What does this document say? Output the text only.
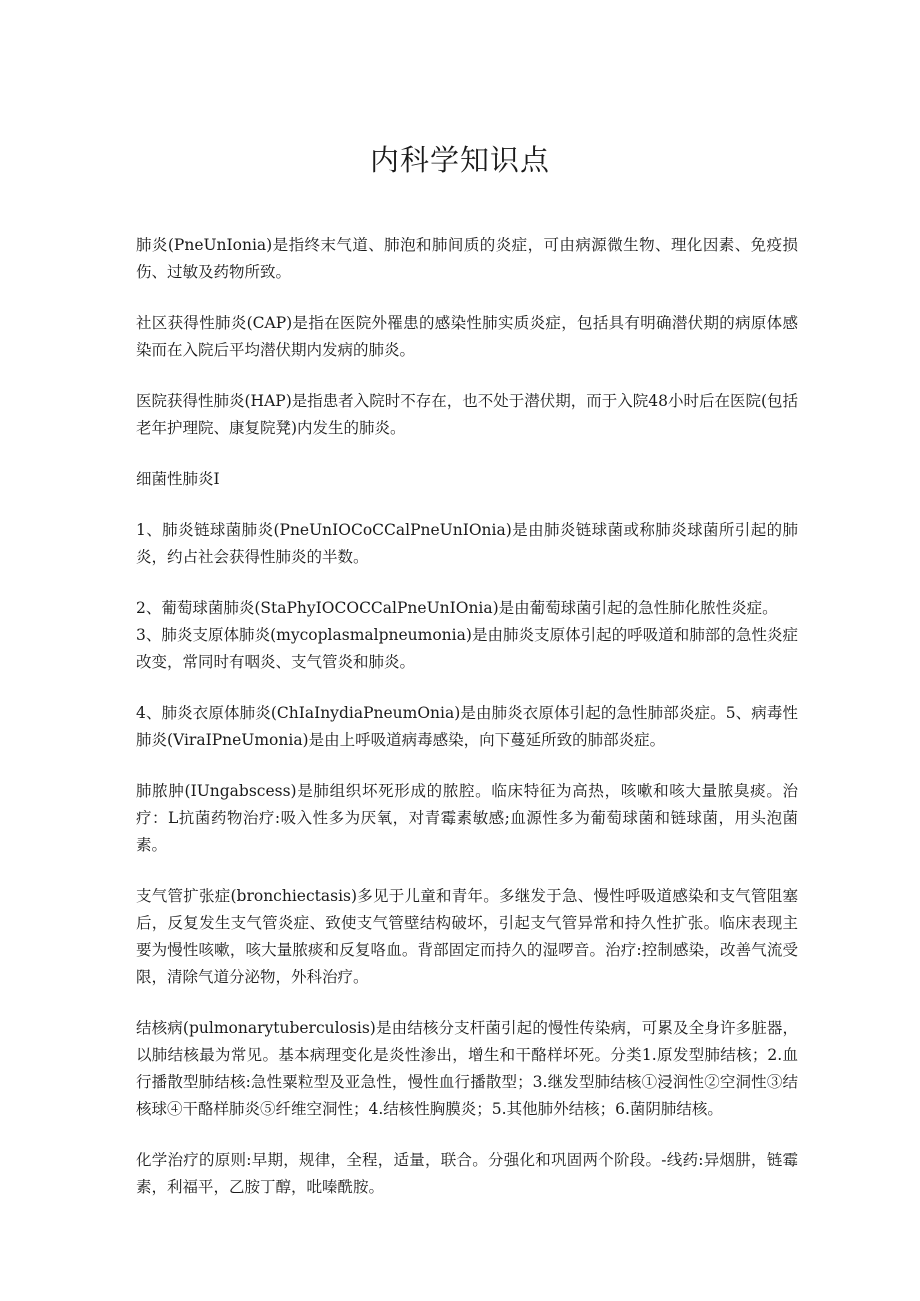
内科学知识点

肺炎(PneUnIonia)是指终末气道、肺泡和肺间质的炎症，可由病源微生物、理化因素、免疫损伤、过敏及药物所致。

社区获得性肺炎(CAP)是指在医院外罹患的感染性肺实质炎症，包括具有明确潜伏期的病原体感染而在入院后平均潜伏期内发病的肺炎。

医院获得性肺炎(HAP)是指患者入院时不存在，也不处于潜伏期，而于入院48小时后在医院(包括老年护理院、康复院凳)内发生的肺炎。

细菌性肺炎I

1、肺炎链球菌肺炎(PneUnIOCoCCalPneUnIOnia)是由肺炎链球菌或称肺炎球菌所引起的肺炎，约占社会获得性肺炎的半数。

2、葡萄球菌肺炎(StaPhyIOCOCCalPneUnIOnia)是由葡萄球菌引起的急性肺化脓性炎症。

3、肺炎支原体肺炎(mycoplasmalpneumonia)是由肺炎支原体引起的呼吸道和肺部的急性炎症改变，常同时有咽炎、支气管炎和肺炎。

4、肺炎衣原体肺炎(ChIaInydiaPneumOnia)是由肺炎衣原体引起的急性肺部炎症。5、病毒性肺炎(ViraIPneUmonia)是由上呼吸道病毒感染，向下蔓延所致的肺部炎症。

肺脓肿(IUngabscess)是肺组织坏死形成的脓腔。临床特征为高热，咳嗽和咳大量脓臭痰。治疗：L抗菌药物治疗:吸入性多为厌氧，对青霉素敏感;血源性多为葡萄球菌和链球菌，用头泡菌素。

支气管扩张症(bronchiectasis)多见于儿童和青年。多继发于急、慢性呼吸道感染和支气管阻塞后，反复发生支气管炎症、致使支气管壁结构破坏，引起支气管异常和持久性扩张。临床表现主要为慢性咳嗽，咳大量脓痰和反复咯血。背部固定而持久的湿啰音。治疗:控制感染，改善气流受限，清除气道分泌物，外科治疗。

结核病(pulmonarytuberculosis)是由结核分支杆菌引起的慢性传染病，可累及全身许多脏器，以肺结核最为常见。基本病理变化是炎性渗出，增生和干酪样坏死。分类1.原发型肺结核；2.血行播散型肺结核:急性粟粒型及亚急性，慢性血行播散型；3.继发型肺结核①浸润性②空洞性③结核球④干酪样肺炎⑤纤维空洞性；4.结核性胸膜炎；5.其他肺外结核；6.菌阴肺结核。

化学治疗的原则:早期，规律，全程，适量，联合。分强化和巩固两个阶段。-线药:异烟肼，链霉素，利福平，乙胺丁醇，吡嗪酰胺。
